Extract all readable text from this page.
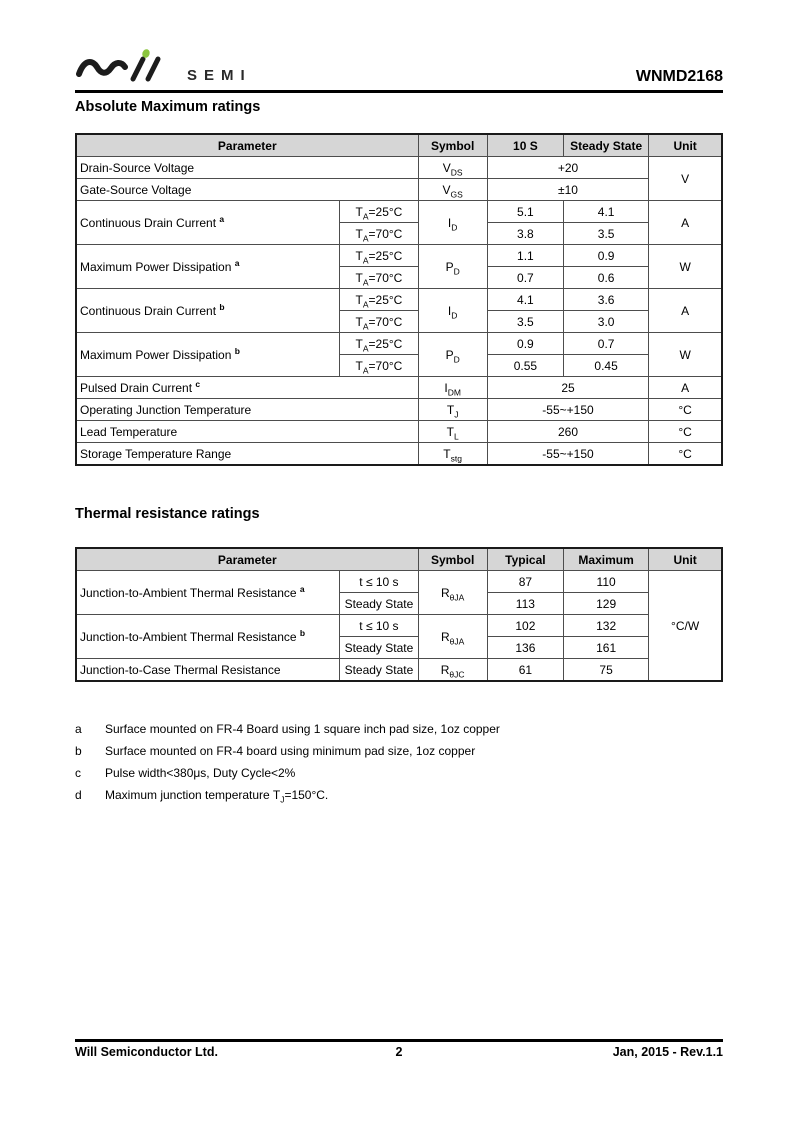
SEMI	WNMD2168
Absolute Maximum ratings
Parameter		Symbol	10 S	Steady State	Unit
Drain-Source Voltage		$V_{DS}$	+20		V
Gate-Source Voltage		$V_{GS}$	±10		
Continuous Drain Current $^a$	$T_A=25^\circ C$	$I_D$	5.1	4.1	A
	$T_A=70^\circ C$		3.8	3.5	
Maximum Power Dissipation $^a$	$T_A=25^\circ C$	$P_D$	1.1	0.9	W
	$T_A=70^\circ C$		0.7	0.6	
Continuous Drain Current $^b$	$T_A=25^\circ C$	$I_D$	4.1	3.6	A
	$T_A=70^\circ C$		3.5	3.0	
Maximum Power Dissipation $^b$	$T_A=25^\circ C$	$P_D$	0.9	0.7	W
	$T_A=70^\circ C$		0.55	0.45	
Pulsed Drain Current $^c$		$I_{DM}$	25		A
Operating Junction Temperature		$T_J$	-55~+150		°C
Lead Temperature		$T_L$	260		°C
Storage Temperature Range		$T_{stg}$	-55~+150		°C
Thermal resistance ratings
Parameter		Symbol	Typical	Maximum	Unit
Junction-to-Ambient Thermal Resistance $^a$	t ≤ 10 s	$R_{\theta JA}$	87	110	°C/W
	Steady State		113	129	
Junction-to-Ambient Thermal Resistance $^b$	t ≤ 10 s	$R_{\theta JA}$	102	132	
	Steady State		136	161	
Junction-to-Case Thermal Resistance	Steady State	$R_{\theta JC}$	61	75	
a	Surface mounted on FR-4 Board using 1 square inch pad size, 1oz copper
b	Surface mounted on FR-4 board using minimum pad size, 1oz copper
c	Pulse width<380μs, Duty Cycle<2%
d	Maximum junction temperature $T_J=150^\circ C$.
Will Semiconductor Ltd.	2	Jan, 2015 - Rev.1.1
